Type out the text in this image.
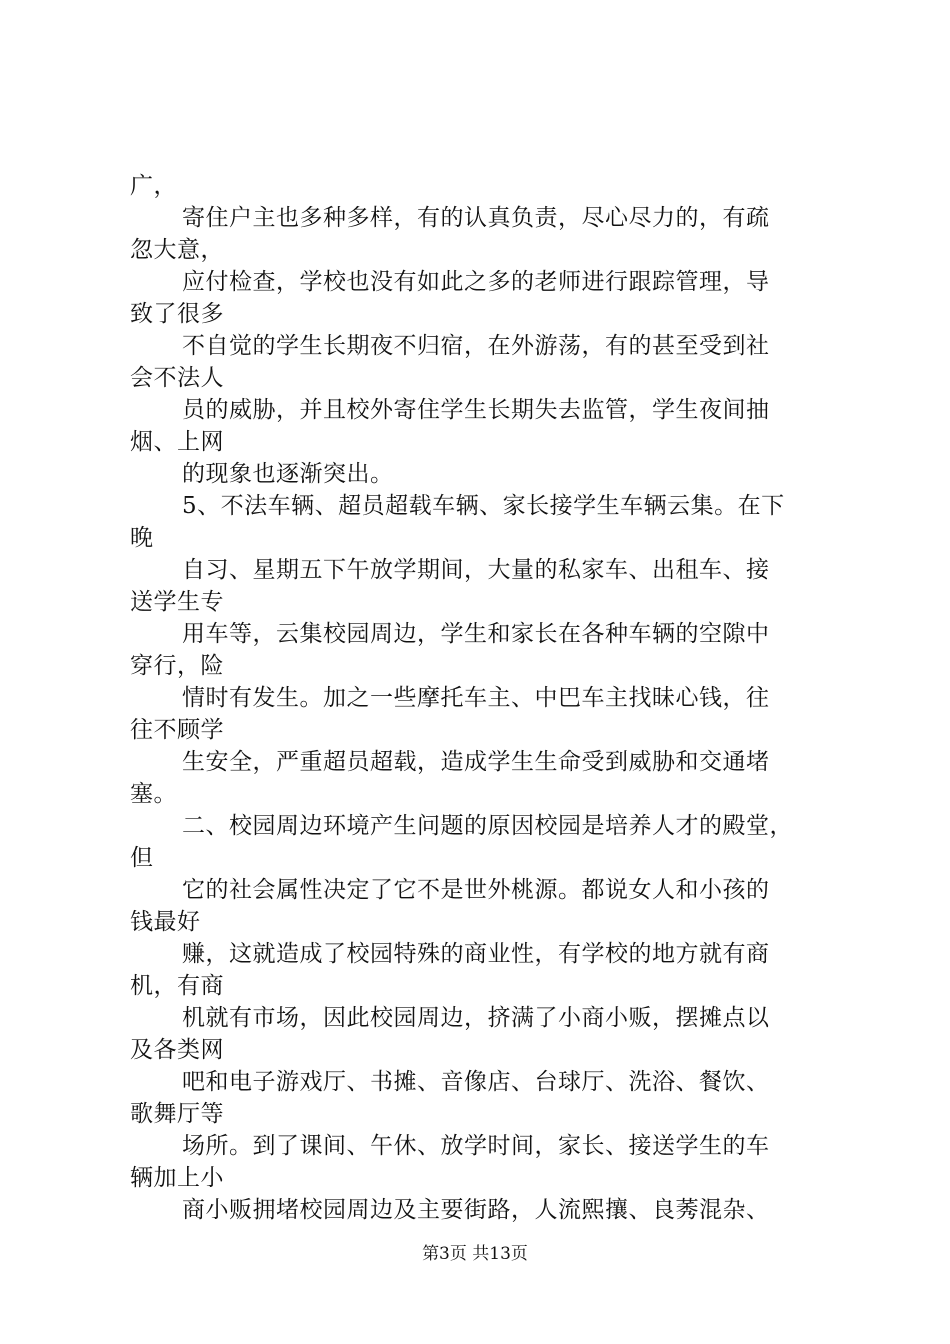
广，
寄住户主也多种多样，有的认真负责，尽心尽力的，有疏
忽大意，
应付检查，学校也没有如此之多的老师进行跟踪管理，导
致了很多
不自觉的学生长期夜不归宿，在外游荡，有的甚至受到社
会不法人
员的威胁，并且校外寄住学生长期失去监管，学生夜间抽
烟、上网
的现象也逐渐突出。
5、不法车辆、超员超载车辆、家长接学生车辆云集。在下
晚
自习、星期五下午放学期间，大量的私家车、出租车、接
送学生专
用车等，云集校园周边，学生和家长在各种车辆的空隙中
穿行，险
情时有发生。加之一些摩托车主、中巴车主找昧心钱，往
往不顾学
生安全，严重超员超载，造成学生生命受到威胁和交通堵
塞。
二、校园周边环境产生问题的原因校园是培养人才的殿堂，
但
它的社会属性决定了它不是世外桃源。都说女人和小孩的
钱最好
赚，这就造成了校园特殊的商业性，有学校的地方就有商
机，有商
机就有市场，因此校园周边，挤满了小商小贩，摆摊点以
及各类网
吧和电子游戏厅、书摊、音像店、台球厅、洗浴、餐饮、
歌舞厅等
场所。到了课间、午休、放学时间，家长、接送学生的车
辆加上小
商小贩拥堵校园周边及主要街路，人流熙攘、良莠混杂、
第3页 共13页
